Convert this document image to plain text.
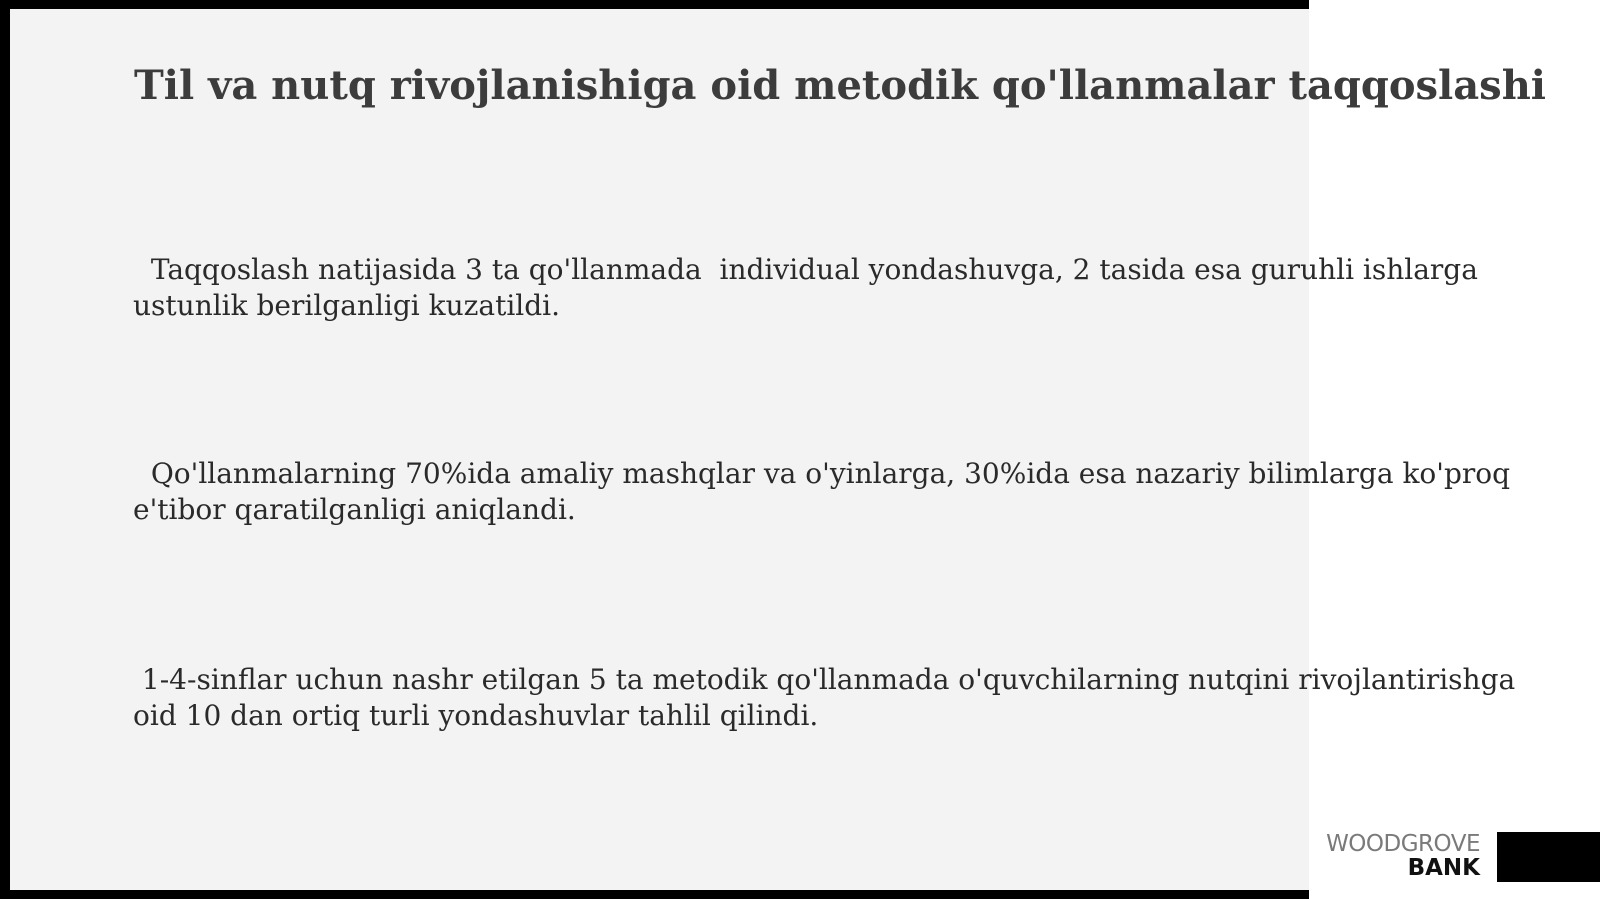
Til va nutq rivojlanishiga oid metodik qo'llanmalar taqqoslashi

Taqqoslash natijasida 3 ta qo'llanmada  individual yondashuvga, 2 tasida esa guruhli ishlarga ustunlik berilganligi kuzatildi.

Qo'llanmalarning 70%ida amaliy mashqlar va o'yinlarga, 30%ida esa nazariy bilimlarga ko'proq e'tibor qaratilganligi aniqlandi.

1-4-sinflar uchun nashr etilgan 5 ta metodik qo'llanmada o'quvchilarning nutqini rivojlantirishga oid 10 dan ortiq turli yondashuvlar tahlil qilindi.

WOODGROVE
BANK
